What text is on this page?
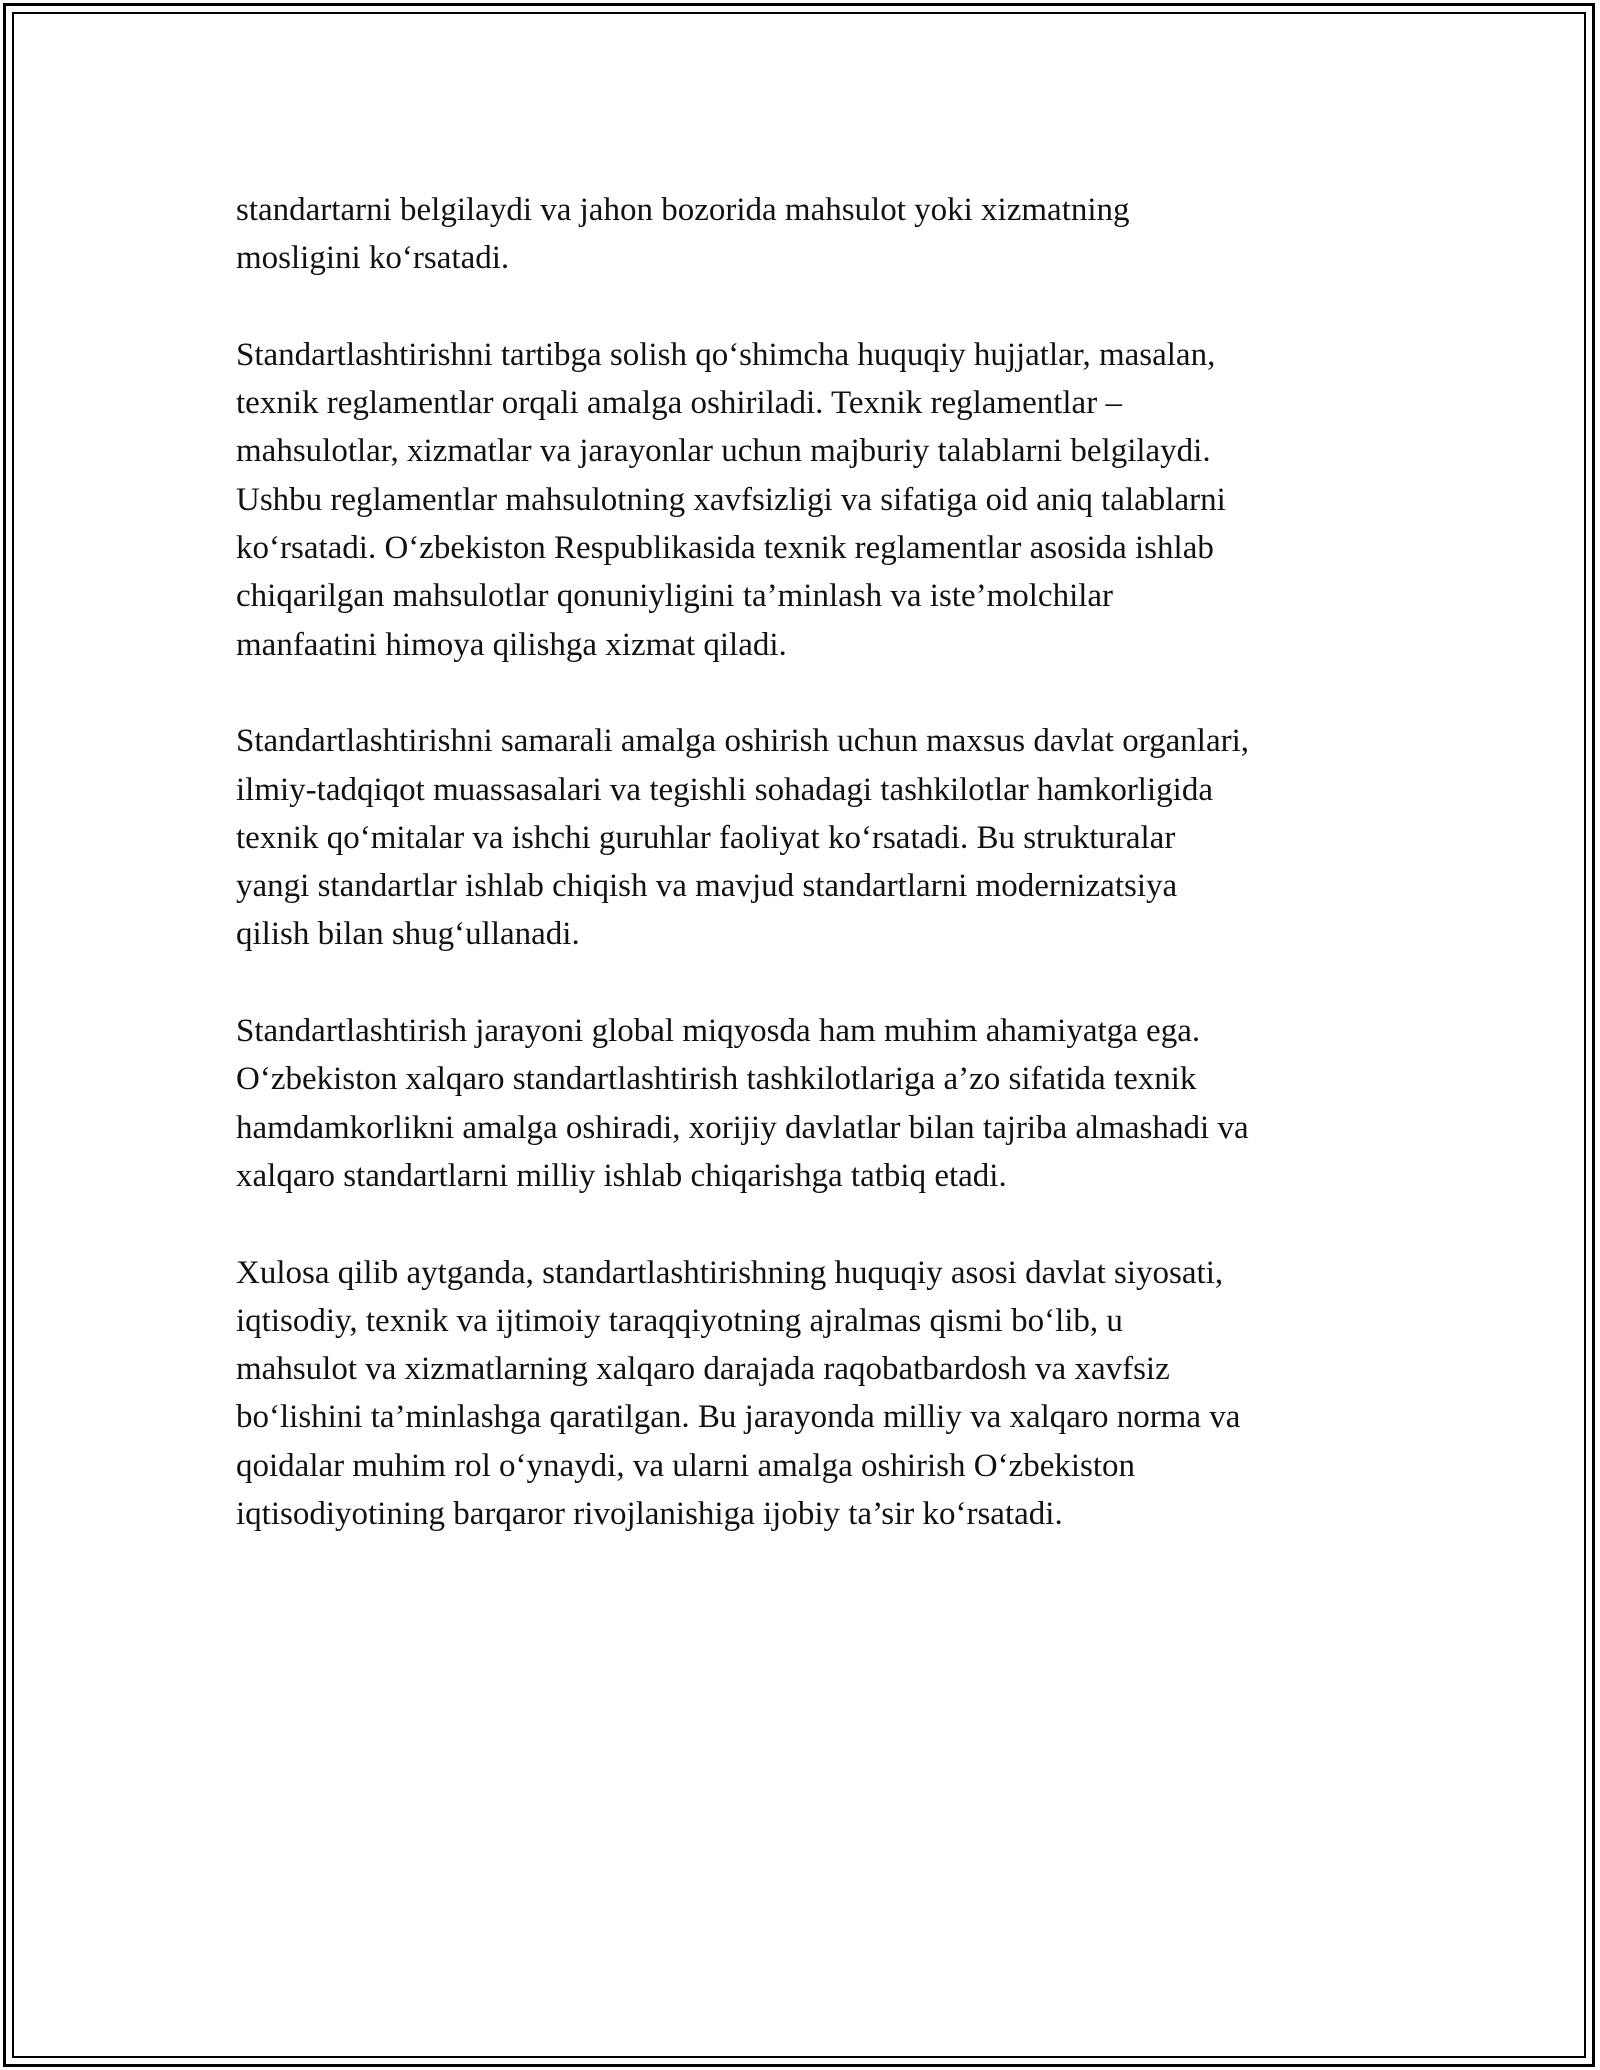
standartarni belgilaydi va jahon bozorida mahsulot yoki xizmatning
mosligini ko‘rsatadi.

Standartlashtirishni tartibga solish qo‘shimcha huquqiy hujjatlar, masalan,
texnik reglamentlar orqali amalga oshiriladi. Texnik reglamentlar –
mahsulotlar, xizmatlar va jarayonlar uchun majburiy talablarni belgilaydi.
Ushbu reglamentlar mahsulotning xavfsizligi va sifatiga oid aniq talablarni
ko‘rsatadi. O‘zbekiston Respublikasida texnik reglamentlar asosida ishlab
chiqarilgan mahsulotlar qonuniyligini ta’minlash va iste’molchilar
manfaatini himoya qilishga xizmat qiladi.

Standartlashtirishni samarali amalga oshirish uchun maxsus davlat organlari,
ilmiy-tadqiqot muassasalari va tegishli sohadagi tashkilotlar hamkorligida
texnik qo‘mitalar va ishchi guruhlar faoliyat ko‘rsatadi. Bu strukturalar
yangi standartlar ishlab chiqish va mavjud standartlarni modernizatsiya
qilish bilan shug‘ullanadi.

Standartlashtirish jarayoni global miqyosda ham muhim ahamiyatga ega.
O‘zbekiston xalqaro standartlashtirish tashkilotlariga a’zo sifatida texnik
hamdamkorlikni amalga oshiradi, xorijiy davlatlar bilan tajriba almashadi va
xalqaro standartlarni milliy ishlab chiqarishga tatbiq etadi.

Xulosa qilib aytganda, standartlashtirishning huquqiy asosi davlat siyosati,
iqtisodiy, texnik va ijtimoiy taraqqiyotning ajralmas qismi bo‘lib, u
mahsulot va xizmatlarning xalqaro darajada raqobatbardosh va xavfsiz
bo‘lishini ta’minlashga qaratilgan. Bu jarayonda milliy va xalqaro norma va
qoidalar muhim rol o‘ynaydi, va ularni amalga oshirish O‘zbekiston
iqtisodiyotining barqaror rivojlanishiga ijobiy ta’sir ko‘rsatadi.
